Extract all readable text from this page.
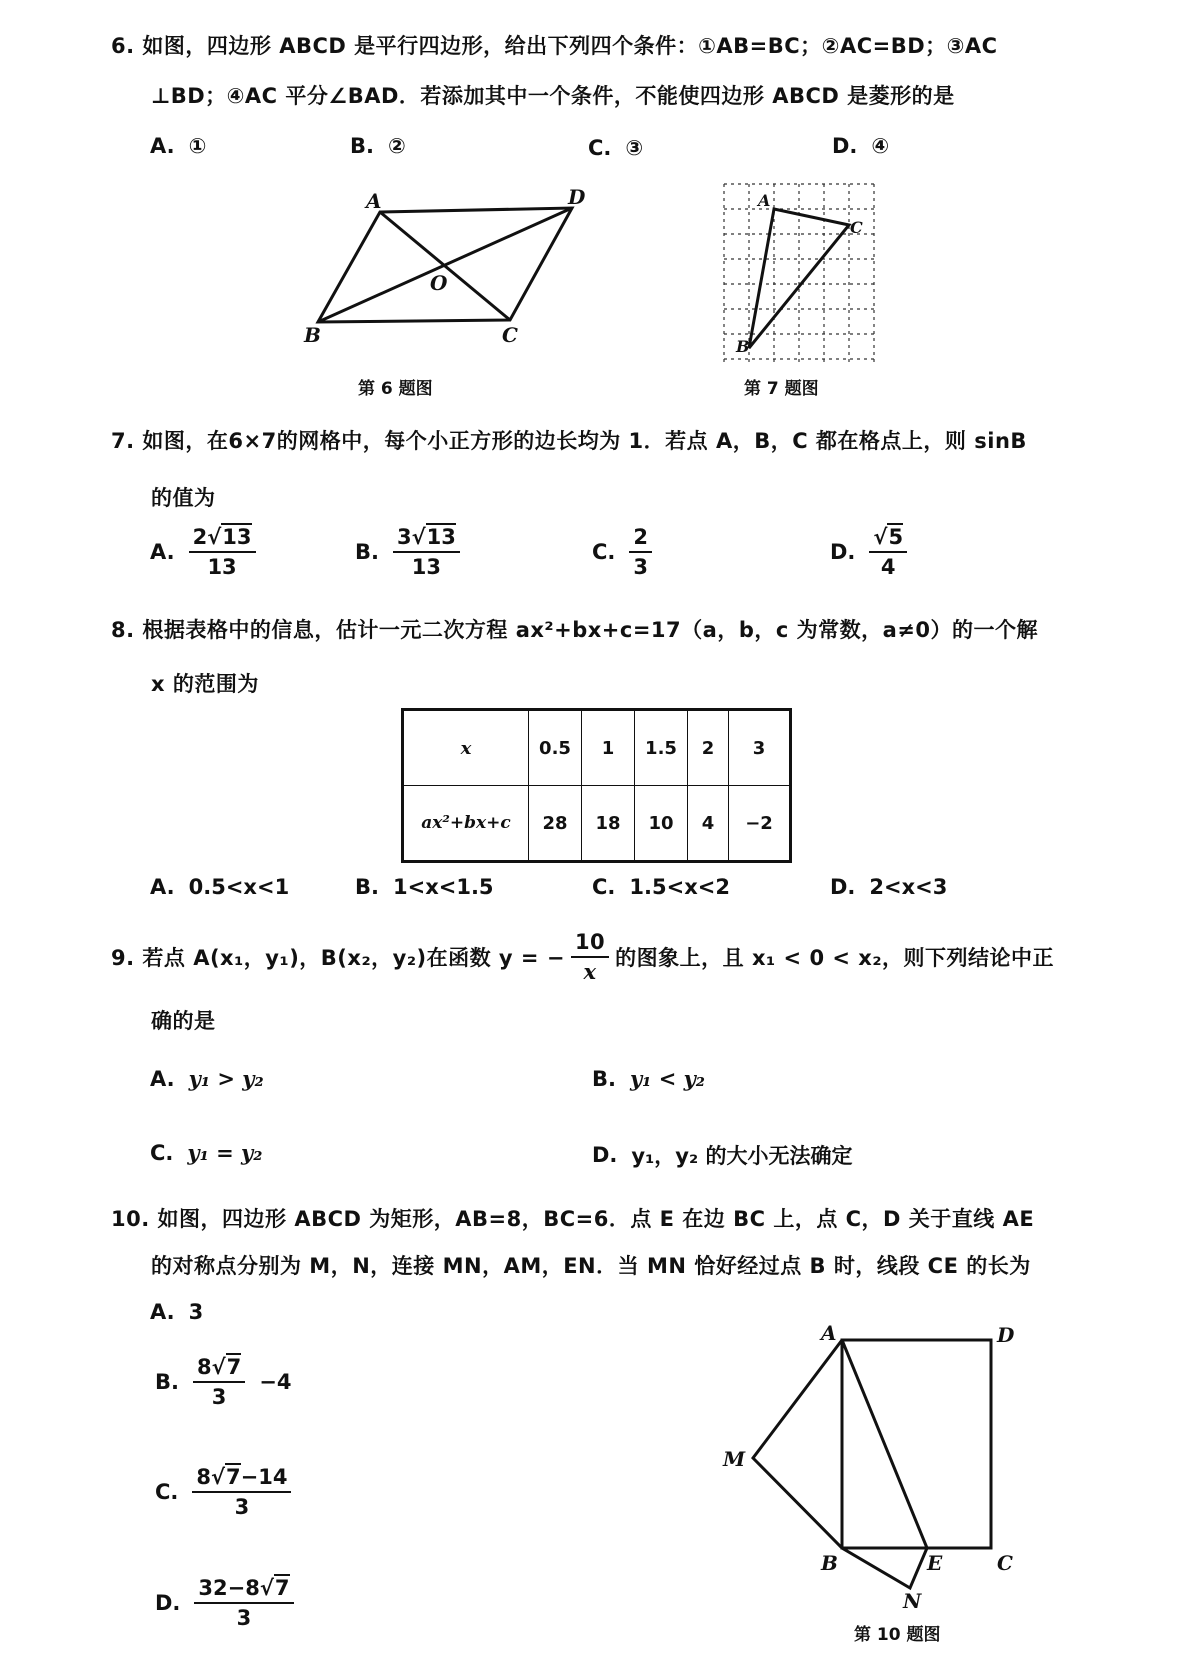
6. 如图，四边形 ABCD 是平行四边形，给出下列四个条件：①AB=BC；②AC=BD；③AC
⊥BD；④AC 平分∠BAD．若添加其中一个条件，不能使四边形 ABCD 是菱形的是
A. ①	B. ②	C. ③	D. ④
A	D
O
B	C
第 6 题图
A
C
B
第 7 题图
7. 如图，在6×7的网格中，每个小正方形的边长均为 1．若点 A，B，C 都在格点上，则 sinB
的值为
A. $\frac{2√13}{13}$	B. $\frac{3√13}{13}$	C. $\frac{2}{3}$	D. $\frac{√5}{4}$
8. 根据表格中的信息，估计一元二次方程 ax²+bx+c=17（a，b，c 为常数，a≠0）的一个解
x 的范围为
x	0.5	1	1.5	2	3
ax²+bx+c	28	18	10	4	−2
A. 0.5<x<1	B. 1<x<1.5	C. 1.5<x<2	D. 2<x<3
9. 若点 A(x₁，y₁)，B(x₂，y₂)在函数 y = − $\frac{10}{x}$ 的图象上，且 x₁ < 0 < x₂，则下列结论中正
确的是
A. y₁ > y₂	B. y₁ < y₂
C. y₁ = y₂	D. y₁，y₂ 的大小无法确定
10. 如图，四边形 ABCD 为矩形，AB=8，BC=6．点 E 在边 BC 上，点 C，D 关于直线 AE
的对称点分别为 M，N，连接 MN，AM，EN．当 MN 恰好经过点 B 时，线段 CE 的长为
A. 3
B. $\frac{8√7}{3} -4$
C. $\frac{8√7-14}{3}$
D. $\frac{32-8√7}{3}$
A	D
M
B	E	C
N
第 10 题图
